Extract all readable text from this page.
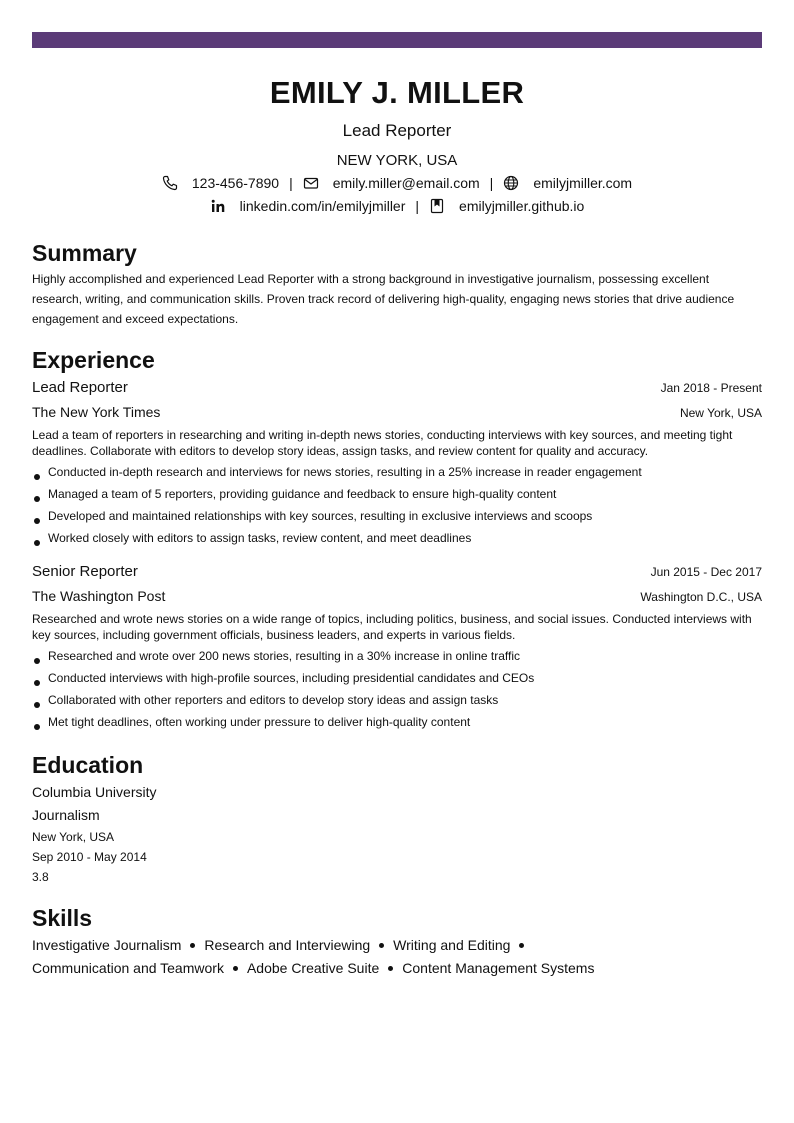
EMILY J. MILLER
Lead Reporter
NEW YORK, USA
123-456-7890 |	emily.miller@email.com |	emilyjmiller.com
linkedin.com/in/emilyjmiller |	emilyjmiller.github.io
Summary
Highly accomplished and experienced Lead Reporter with a strong background in investigative journalism, possessing excellent research, writing, and communication skills. Proven track record of delivering high-quality, engaging news stories that drive audience engagement and exceed expectations.
Experience
Lead Reporter	Jan 2018 - Present
The New York Times	New York, USA
Lead a team of reporters in researching and writing in-depth news stories, conducting interviews with key sources, and meeting tight deadlines. Collaborate with editors to develop story ideas, assign tasks, and review content for quality and accuracy.
Conducted in-depth research and interviews for news stories, resulting in a 25% increase in reader engagement
Managed a team of 5 reporters, providing guidance and feedback to ensure high-quality content
Developed and maintained relationships with key sources, resulting in exclusive interviews and scoops
Worked closely with editors to assign tasks, review content, and meet deadlines
Senior Reporter	Jun 2015 - Dec 2017
The Washington Post	Washington D.C., USA
Researched and wrote news stories on a wide range of topics, including politics, business, and social issues. Conducted interviews with key sources, including government officials, business leaders, and experts in various fields.
Researched and wrote over 200 news stories, resulting in a 30% increase in online traffic
Conducted interviews with high-profile sources, including presidential candidates and CEOs
Collaborated with other reporters and editors to develop story ideas and assign tasks
Met tight deadlines, often working under pressure to deliver high-quality content
Education
Columbia University
Journalism
New York, USA
Sep 2010 - May 2014
3.8
Skills
Investigative Journalism Research and Interviewing Writing and Editing
Communication and Teamwork Adobe Creative Suite Content Management Systems
